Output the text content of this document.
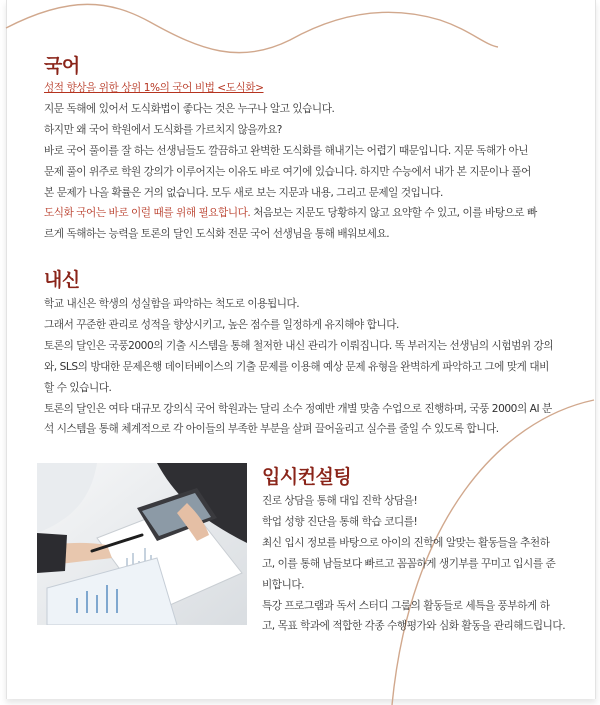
국어

성적 향상을 위한 상위 1%의 국어 비법 <도식화>

지문 독해에 있어서 도식화법이 좋다는 것은 누구나 알고 있습니다.

하지만 왜 국어 학원에서 도식화를 가르치지 않을까요?

바로 국어 풀이를 잘 하는 선생님들도 깔끔하고 완벽한 도식화를 해내기는 어렵기 때문입니다. 지문 독해가 아닌

문제 풀이 위주로 학원 강의가 이루어지는 이유도 바로 여기에 있습니다. 하지만 수능에서 내가 본 지문이나 풀어

본 문제가 나올 확률은 거의 없습니다. 모두 새로 보는 지문과 내용, 그리고 문제일 것입니다.

도식화 국어는 바로 이럴 때를 위해 필요합니다. 처음보는 지문도 당황하지 않고 요약할 수 있고, 이를 바탕으로 빠

르게 독해하는 능력을 토론의 달인 도식화 전문 국어 선생님을 통해 배워보세요.

내신

학교 내신은 학생의 성실함을 파악하는 척도로 이용됩니다.

그래서 꾸준한 관리로 성적을 향상시키고, 높은 점수를 일정하게 유지해야 합니다.

토론의 달인은 국풍2000의 기출 시스템을 통해 철저한 내신 관리가 이뤄집니다. 똑 부러지는 선생님의 시험범위 강의

와, SLS의 방대한 문제은행 데이터베이스의 기출 문제를 이용해 예상 문제 유형을 완벽하게 파악하고 그에 맞게 대비

할 수 있습니다.

토론의 달인은 여타 대규모 강의식 국어 학원과는 달리 소수 정예반 개별 맞춤 수업으로 진행하며, 국풍 2000의 AI 분

석 시스템을 통해 체계적으로 각 아이들의 부족한 부분을 살펴 끌어올리고 실수를 줄일 수 있도록 합니다.

입시컨설팅

진로 상담을 통해 대입 진학 상담을!

학업 성향 진단을 통해 학습 코디를!

최신 입시 정보를 바탕으로 아이의 진학에 알맞는 활동들을 추천하

고, 이를 통해 남들보다 빠르고 꼼꼼하게 생기부를 꾸미고 입시를 준

비합니다.

특강 프로그램과 독서 스터디 그룹의 활동들로 세특을 풍부하게 하

고, 목표 학과에 적합한 각종 수행평가와 심화 활동을 관리해드립니다.
